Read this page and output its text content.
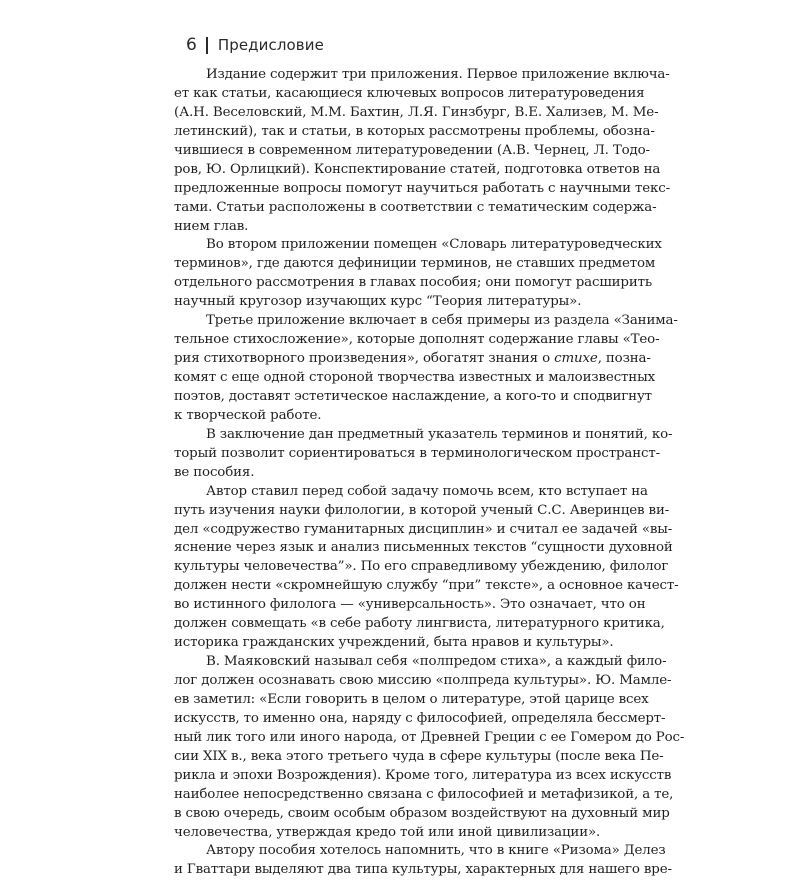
6 Предисловие
Издание содержит три приложения. Первое приложение включа-
ет как статьи, касающиеся ключевых вопросов литературоведения
(А.Н. Веселовский, М.М. Бахтин, Л.Я. Гинзбург, В.Е. Хализев, М. Ме-
летинский), так и статьи, в которых рассмотрены проблемы, обозна-
чившиеся в современном литературоведении (А.В. Чернец, Л. Тодо-
ров, Ю. Орлицкий). Конспектирование статей, подготовка ответов на
предложенные вопросы помогут научиться работать с научными текс-
тами. Статьи расположены в соответствии с тематическим содержа-
нием глав.
Во втором приложении помещен «Словарь литературоведческих
терминов», где даются дефиниции терминов, не ставших предметом
отдельного рассмотрения в главах пособия; они помогут расширить
научный кругозор изучающих курс “Теория литературы».
Третье приложение включает в себя примеры из раздела «Занима-
тельное стихосложение», которые дополнят содержание главы «Тео-
рия стихотворного произведения», обогатят знания о стихе, позна-
комят с еще одной стороной творчества известных и малоизвестных
поэтов, доставят эстетическое наслаждение, а кого-то и сподвигнут
к творческой работе.
В заключение дан предметный указатель терминов и понятий, ко-
торый позволит сориентироваться в терминологическом пространст-
ве пособия.
Автор ставил перед собой задачу помочь всем, кто вступает на
путь изучения науки филологии, в которой ученый С.С. Аверинцев ви-
дел «содружество гуманитарных дисциплин» и считал ее задачей «вы-
яснение через язык и анализ письменных текстов “сущности духовной
культуры человечества”». По его справедливому убеждению, филолог
должен нести «скромнейшую службу “при” тексте», а основное качест-
во истинного филолога — «универсальность». Это означает, что он
должен совмещать «в себе работу лингвиста, литературного критика,
историка гражданских учреждений, быта нравов и культуры».
В. Маяковский называл себя «полпредом стиха», а каждый фило-
лог должен осознавать свою миссию «полпреда культуры». Ю. Мамле-
ев заметил: «Если говорить в целом о литературе, этой царице всех
искусств, то именно она, наряду с философией, определяла бессмерт-
ный лик того или иного народа, от Древней Греции с ее Гомером до Рос-
сии XIX в., века этого третьего чуда в сфере культуры (после века Пе-
рикла и эпохи Возрождения). Кроме того, литература из всех искусств
наиболее непосредственно связана с философией и метафизикой, а те,
в свою очередь, своим особым образом воздействуют на духовный мир
человечества, утверждая кредо той или иной цивилизации».
Автору пособия хотелось напомнить, что в книге «Ризома» Делез
и Гваттари выделяют два типа культуры, характерных для нашего вре-
